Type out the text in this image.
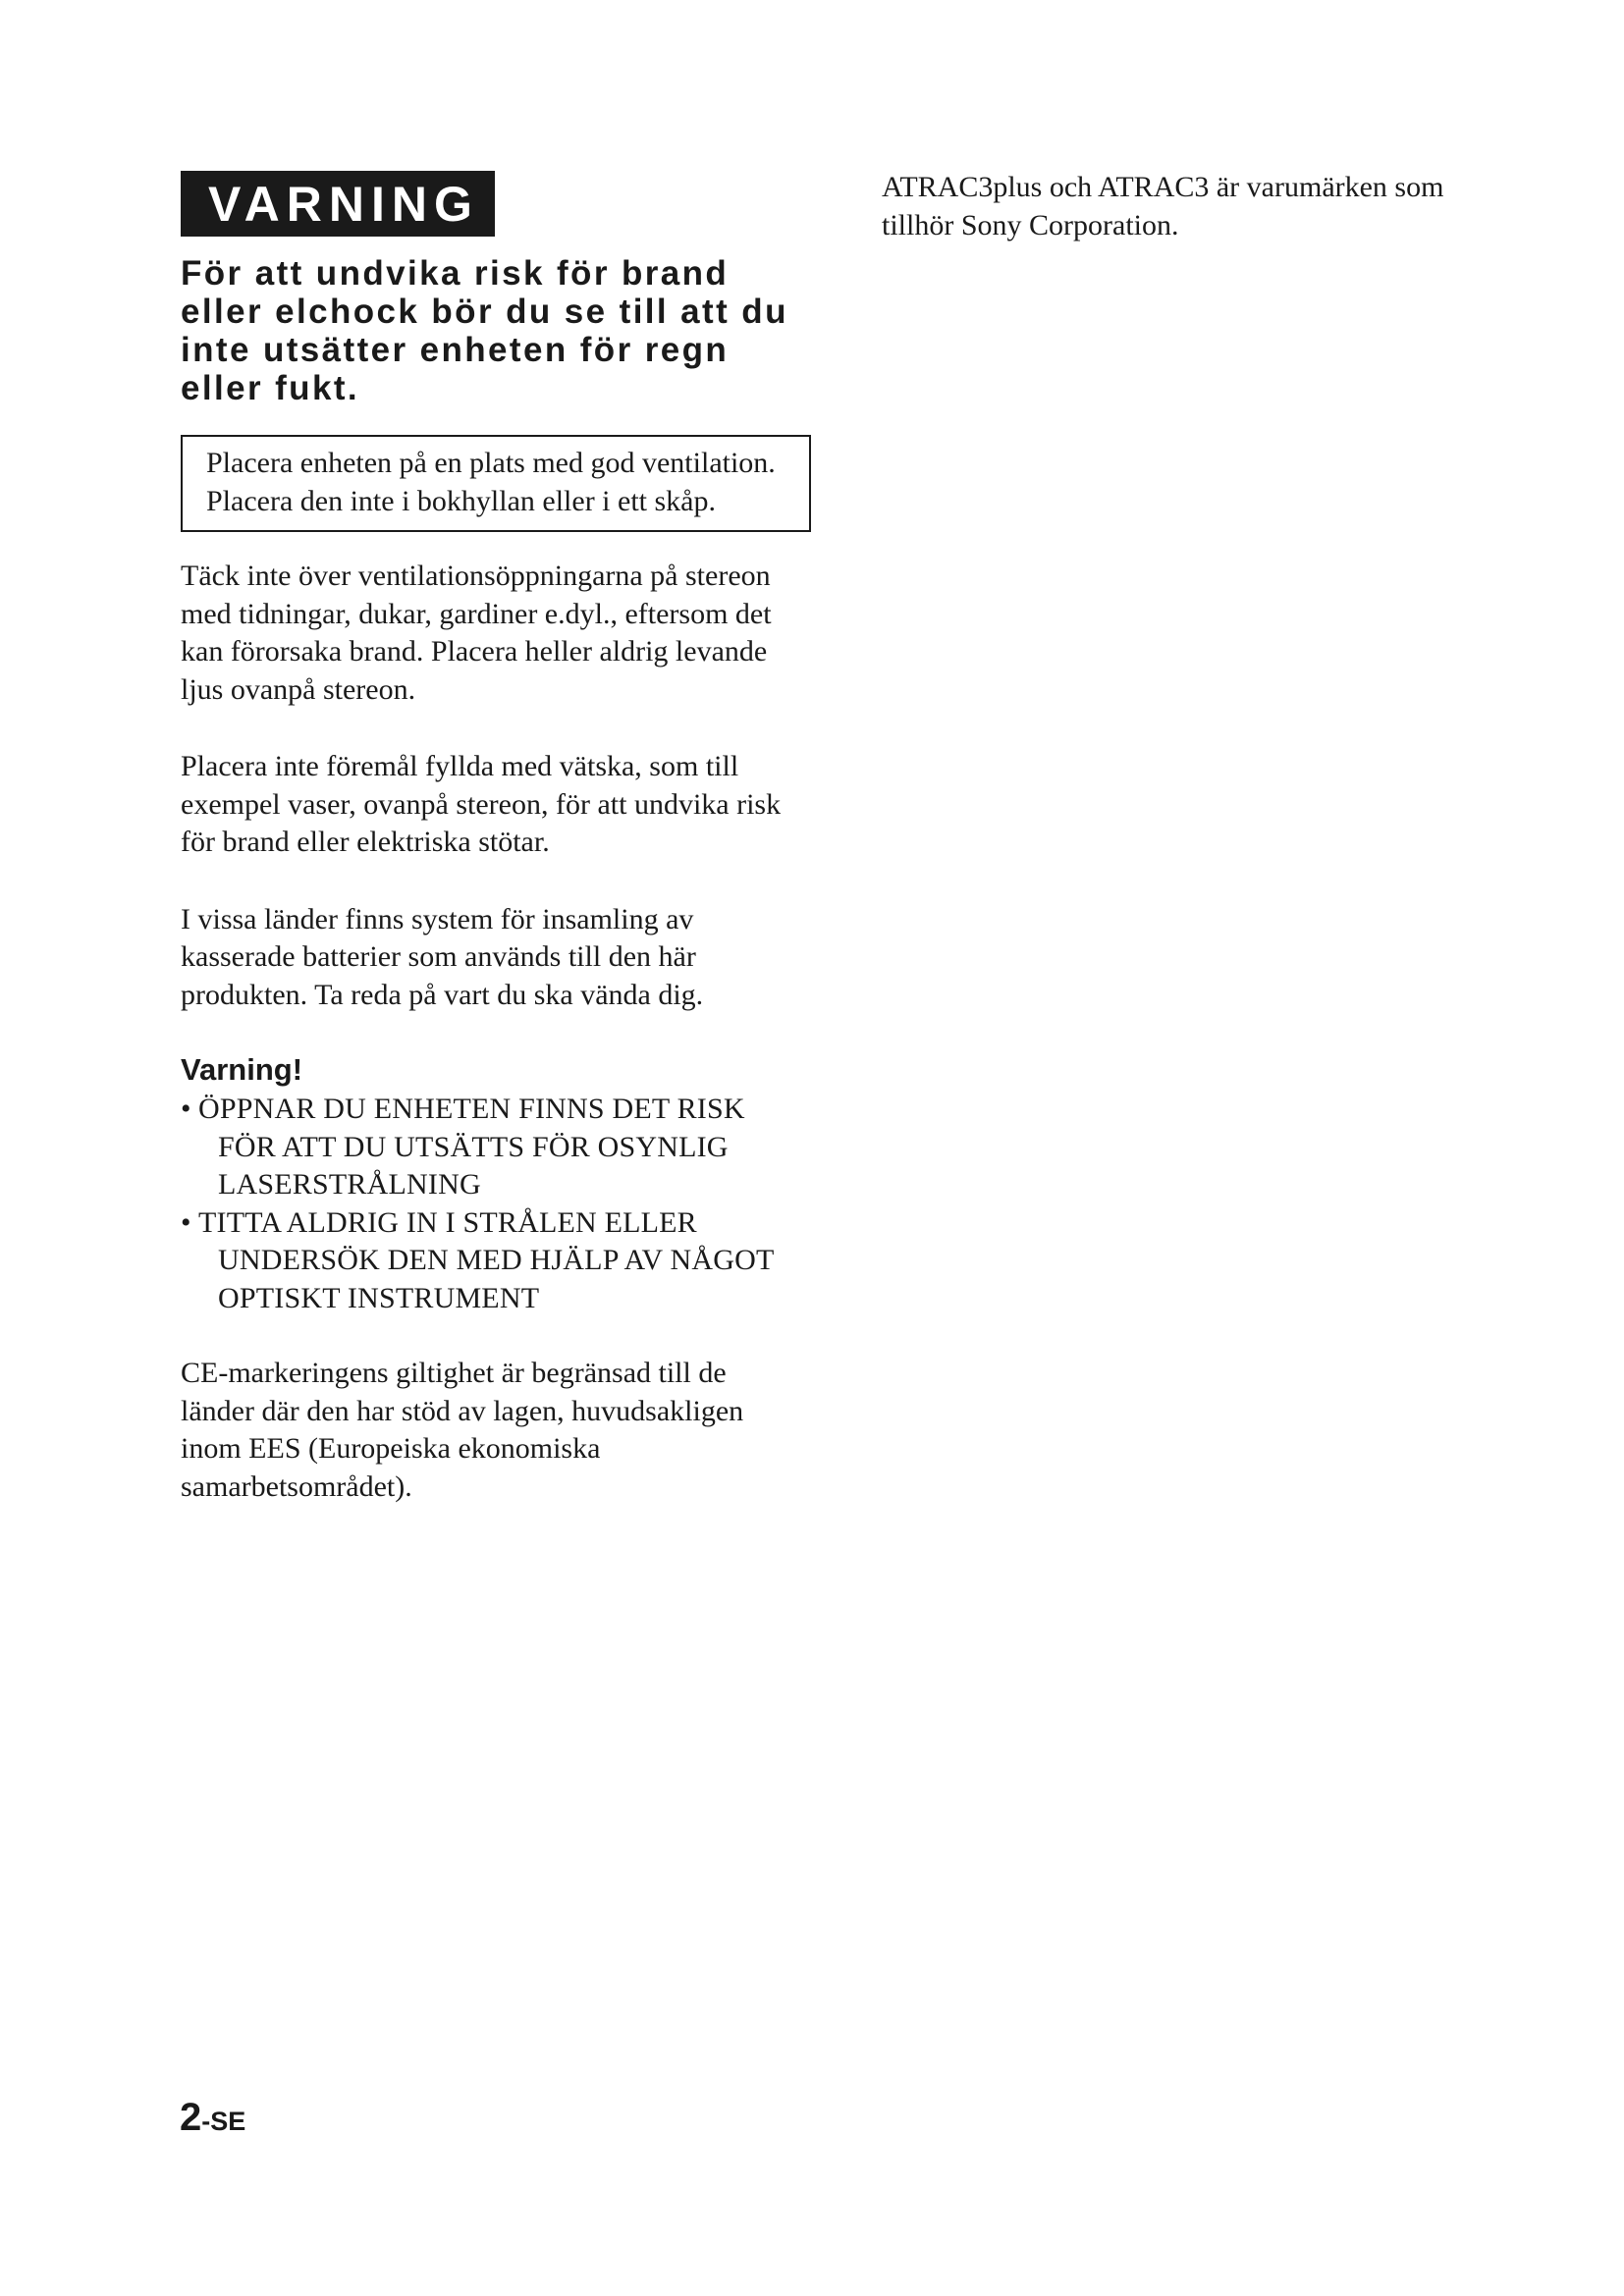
VARNING

För att undvika risk för brand eller elchock bör du se till att du inte utsätter enheten för regn eller fukt.

Placera enheten på en plats med god ventilation. Placera den inte i bokhyllan eller i ett skåp.

Täck inte över ventilationsöppningarna på stereon med tidningar, dukar, gardiner e.dyl., eftersom det kan förorsaka brand. Placera heller aldrig levande ljus ovanpå stereon.

Placera inte föremål fyllda med vätska, som till exempel vaser, ovanpå stereon, för att undvika risk för brand eller elektriska stötar.

I vissa länder finns system för insamling av kasserade batterier som används till den här produkten. Ta reda på vart du ska vända dig.

Varning!

• ÖPPNAR DU ENHETEN FINNS DET RISK FÖR ATT DU UTSÄTTS FÖR OSYNLIG LASERSTRÅLNING
• TITTA ALDRIG IN I STRÅLEN ELLER UNDERSÖK DEN MED HJÄLP AV NÅGOT OPTISKT INSTRUMENT

CE-markeringens giltighet är begränsad till de länder där den har stöd av lagen, huvudsakligen inom EES (Europeiska ekonomiska samarbetsområdet).

ATRAC3plus och ATRAC3 är varumärken som tillhör Sony Corporation.

2-SE
